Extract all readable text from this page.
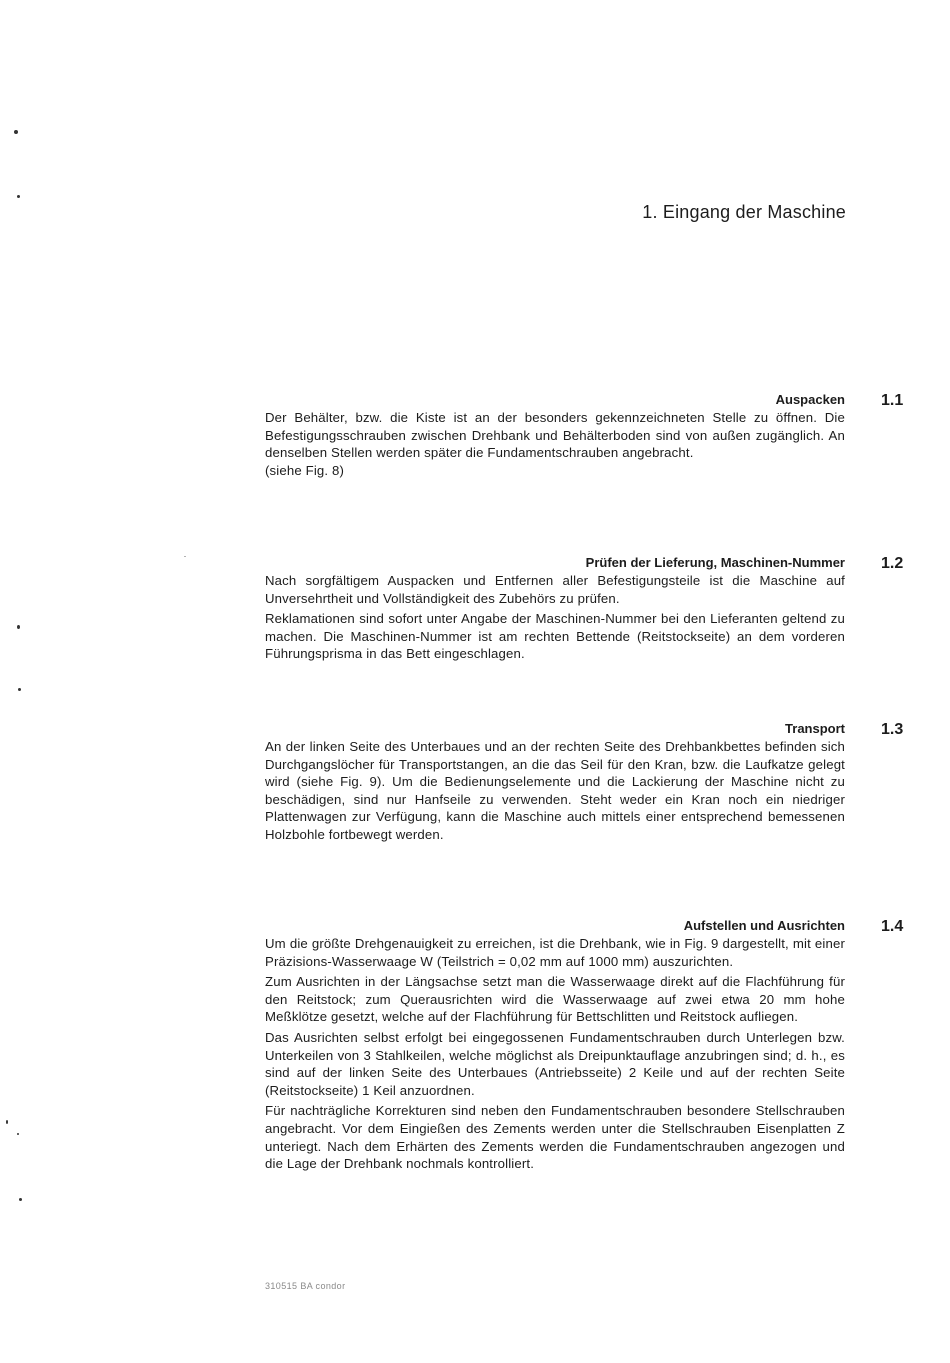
1. Eingang der Maschine
Auspacken 1.1

Der Behälter, bzw. die Kiste ist an der besonders gekennzeichneten Stelle zu öffnen. Die Befestigungsschrauben zwischen Drehbank und Behälterboden sind von außen zugänglich. An denselben Stellen werden später die Fundamentschrauben angebracht.

(siehe Fig. 8)

Prüfen der Lieferung, Maschinen-Nummer 1.2

Nach sorgfältigem Auspacken und Entfernen aller Befestigungsteile ist die Maschine auf Unversehrtheit und Vollständigkeit des Zubehörs zu prüfen.

Reklamationen sind sofort unter Angabe der Maschinen-Nummer bei den Lieferanten geltend zu machen. Die Maschinen-Nummer ist am rechten Bettende (Reitstockseite) an dem vorderen Führungsprisma in das Bett eingeschlagen.

Transport 1.3

An der linken Seite des Unterbaues und an der rechten Seite des Drehbankbettes befinden sich Durchgangslöcher für Transportstangen, an die das Seil für den Kran, bzw. die Laufkatze gelegt wird (siehe Fig. 9). Um die Bedienungselemente und die Lackierung der Maschine nicht zu beschädigen, sind nur Hanfseile zu verwenden. Steht weder ein Kran noch ein niedriger Plattenwagen zur Verfügung, kann die Maschine auch mittels einer entsprechend bemessenen Holzbohle fortbewegt werden.

Aufstellen und Ausrichten 1.4

Um die größte Drehgenauigkeit zu erreichen, ist die Drehbank, wie in Fig. 9 dargestellt, mit einer Präzisions-Wasserwaage W (Teilstrich = 0,02 mm auf 1000 mm) auszurichten.

Zum Ausrichten in der Längsachse setzt man die Wasserwaage direkt auf die Flachführung für den Reitstock; zum Querausrichten wird die Wasserwaage auf zwei etwa 20 mm hohe Meßklötze gesetzt, welche auf der Flachführung für Bettschlitten und Reitstock aufliegen.

Das Ausrichten selbst erfolgt bei eingegossenen Fundamentschrauben durch Unterlegen bzw. Unterkeilen von 3 Stahlkeilen, welche möglichst als Dreipunktauflage anzubringen sind; d. h., es sind auf der linken Seite des Unterbaues (Antriebsseite) 2 Keile und auf der rechten Seite (Reitstockseite) 1 Keil anzuordnen.

Für nachträgliche Korrekturen sind neben den Fundamentschrauben besondere Stellschrauben angebracht. Vor dem Eingießen des Zements werden unter die Stellschrauben Eisenplatten Z unteriegt. Nach dem Erhärten des Zements werden die Fundamentschrauben angezogen und die Lage der Drehbank nochmals kontrolliert.

310515 BA condor
